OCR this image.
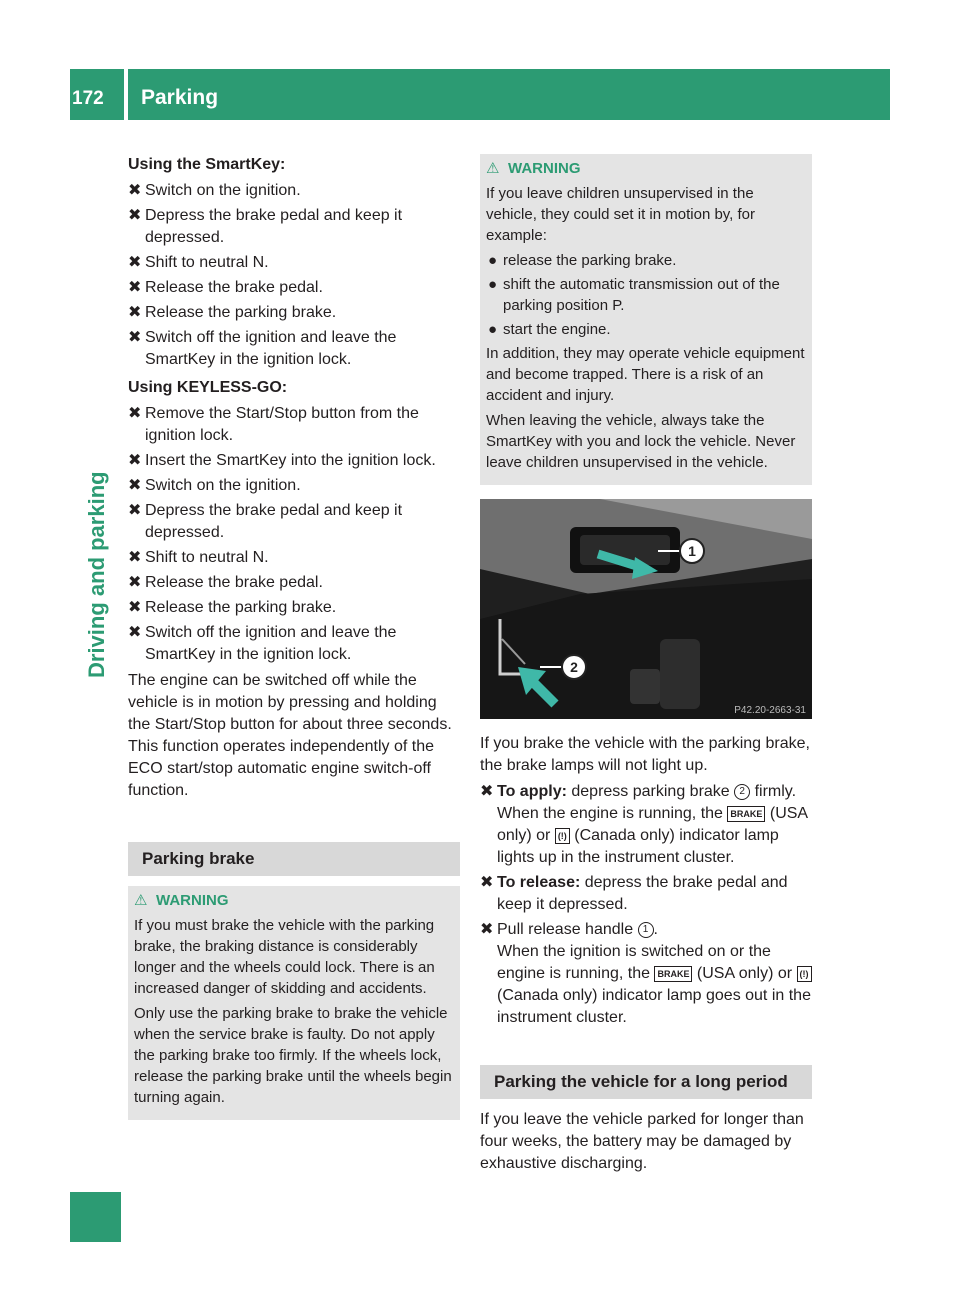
172	Parking
Driving and parking
Using the SmartKey:
✖ Switch on the ignition.
✖ Depress the brake pedal and keep it depressed.
✖ Shift to neutral N.
✖ Release the brake pedal.
✖ Release the parking brake.
✖ Switch off the ignition and leave the SmartKey in the ignition lock.
Using KEYLESS-GO:
✖ Remove the Start/Stop button from the ignition lock.
✖ Insert the SmartKey into the ignition lock.
✖ Switch on the ignition.
✖ Depress the brake pedal and keep it depressed.
✖ Shift to neutral N.
✖ Release the brake pedal.
✖ Release the parking brake.
✖ Switch off the ignition and leave the SmartKey in the ignition lock.

The engine can be switched off while the vehicle is in motion by pressing and holding the Start/Stop button for about three seconds. This function operates independently of the ECO start/stop automatic engine switch-off function.

Parking brake
⚠ WARNING

If you must brake the vehicle with the parking brake, the braking distance is considerably longer and the wheels could lock. There is an increased danger of skidding and accidents.

Only use the parking brake to brake the vehicle when the service brake is faulty. Do not apply the parking brake too firmly. If the wheels lock, release the parking brake until the wheels begin turning again.

⚠ WARNING

If you leave children unsupervised in the vehicle, they could set it in motion by, for example:

● release the parking brake.
● shift the automatic transmission out of the parking position P.
● start the engine.

In addition, they may operate vehicle equipment and become trapped. There is a risk of an accident and injury.

When leaving the vehicle, always take the SmartKey with you and lock the vehicle. Never leave children unsupervised in the vehicle.

1
2
P42.20-2663-31

If you brake the vehicle with the parking brake, the brake lamps will not light up.

✖ To apply: depress parking brake 2 firmly.
When the engine is running, the BRAKE (USA only) or (!) (Canada only) indicator lamp lights up in the instrument cluster.
✖ To release: depress the brake pedal and keep it depressed.
✖ Pull release handle 1 .
When the ignition is switched on or the engine is running, the BRAKE (USA only) or (!) (Canada only) indicator lamp goes out in the instrument cluster.
Parking the vehicle for a long period

If you leave the vehicle parked for longer than four weeks, the battery may be damaged by exhaustive discharging.
